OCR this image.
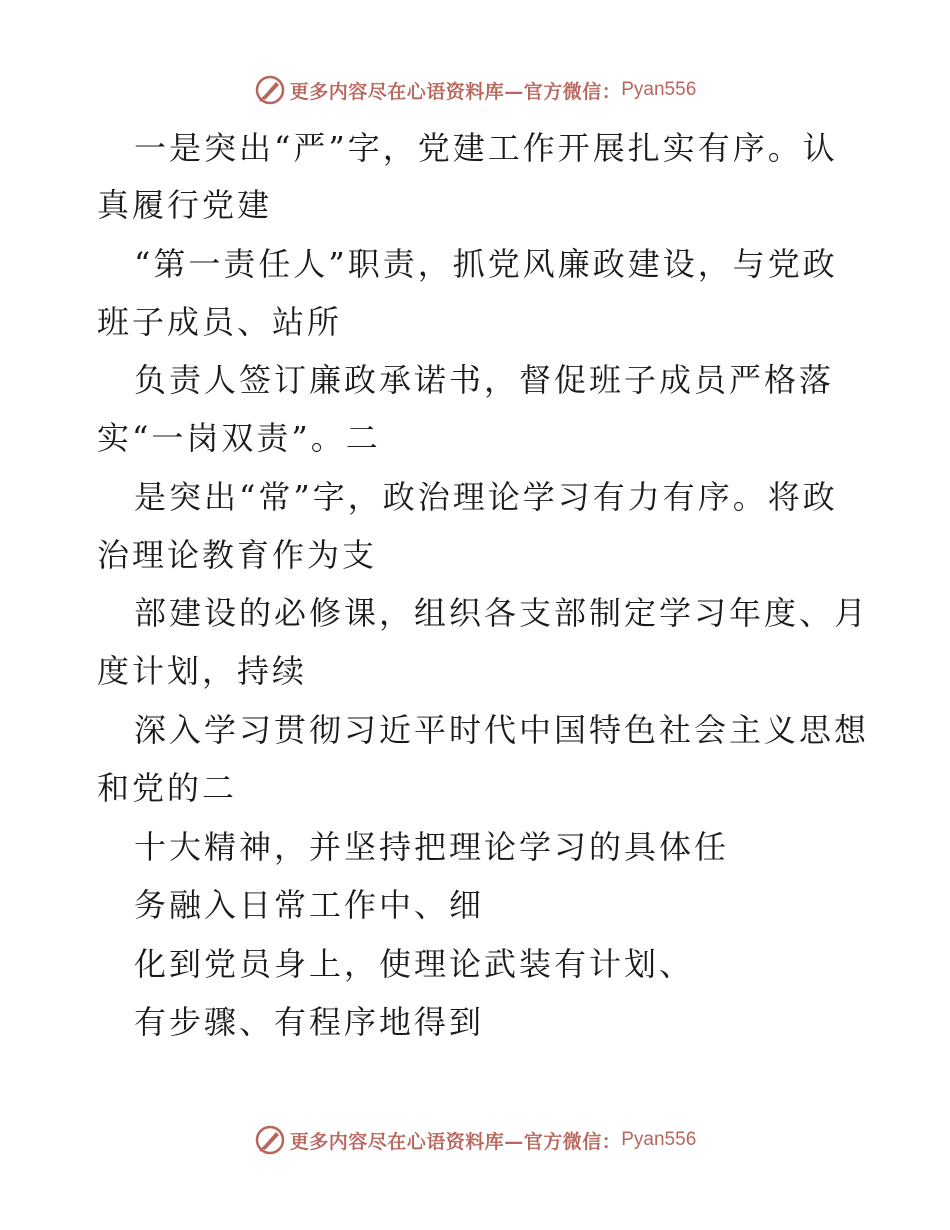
更多内容尽在心语资料库—官方微信： Pyan556
一是突出“严”字，党建工作开展扎实有序。认
真履行党建
“第一责任人”职责，抓党风廉政建设，与党政
班子成员、站所
负责人签订廉政承诺书，督促班子成员严格落
实“一岗双责”。二
是突出“常”字，政治理论学习有力有序。将政
治理论教育作为支
部建设的必修课，组织各支部制定学习年度、月
度计划，持续
深入学习贯彻习近平时代中国特色社会主义思想
和党的二
十大精神，并坚持把理论学习的具体任
务融入日常工作中、细
化到党员身上，使理论武装有计划、
有步骤、有程序地得到
更多内容尽在心语资料库—官方微信： Pyan556
